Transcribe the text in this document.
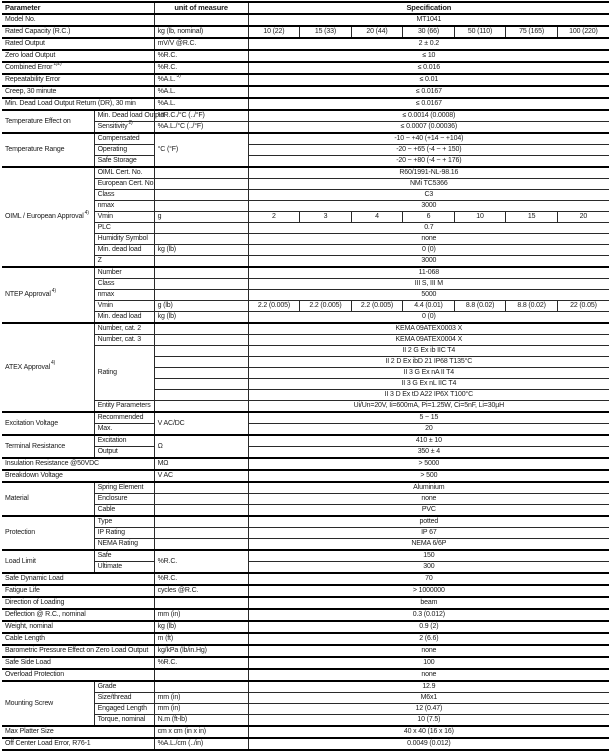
Parameter		unit of measure	Specification						
Model No.			MT1041						
Rated Capacity (R.C.)		kg (lb, nominal)	10 (22)	15 (33)	20 (44)	30 (66)	50 (110)	75 (165)	100 (220)
Rated Output		mV/V @R.C.	2 ± 0.2						
Zero load Output		%R.C.	≤ 10						
Combined Error$^{1)2)}$		%R.C.	≤ 0.016						
Repeatability Error		%A.L.$^{3)}$	≤ 0.01						
Creep, 30 minute		%A.L.	≤ 0.0167						
Min. Dead Load Output Return (DR), 30 min		%A.L.	≤ 0.0167						
Temperature Effect on	Min. Dead load Output	%R.C./°C (../°F)	≤ 0.0014 (0.0008)						
	Sensitivity$^{2)}$	%A.L./°C (../°F)	≤ 0.0007 (0.00036)						
Temperature Range	Compensated	°C (°F)	-10 ~ +40 (+14 ~ +104)						
	Operating		-20 ~ +65 (-4 ~ + 150)						
	Safe Storage		-20 ~ +80 (-4 ~ + 176)						
OIML / European Approval$^{4)}$	OIML Cert. No.		R60/1991-NL-98.16						
	European Cert. No.		NMi TC5366						
	Class		C3						
	nmax		3000						
	Vmin	g	2	3	4	6	10	15	20
	PLC		0.7						
	Humidity Symbol		none						
	Min. dead load	kg (lb)	0 (0)						
	Z		3000						
NTEP Approval$^{4)}$	Number		11-068						
	Class		III S, III M						
	nmax		5000						
	Vmin	g (lb)	2.2 (0.005)	2.2 (0.005)	2.2 (0.005)	4.4 (0.01)	8.8 (0.02)	8.8 (0.02)	22 (0.05)
	Min. dead load	kg (lb)	0 (0)						
ATEX Approval$^{4)}$	Number, cat. 2		KEMA 09ATEX0003 X						
	Number, cat. 3		KEMA 09ATEX0004 X						
	Rating		II 2 G Ex ib IIC T4						
			II 2 D Ex ibD 21 IP68 T135°C						
			II 3 G Ex nA II T4						
			II 3 G Ex nL IIC T4						
			II 3 D Ex tD A22 IP6X T100°C						
	Entity Parameters		Ui/Un=20V, Ii=600mA, Pi=1.25W, Ci=5nF, Li=30µH						
Excitation Voltage	Recommended	V AC/DC	5 ~ 15						
	Max.		20						
Terminal Resistance	Excitation	Ω	410 ± 10						
	Output		350 ± 4						
Insulation Resistance @50VDC		MΩ	> 5000						
Breakdown Voltage		V AC	> 500						
Material	Spring Element		Aluminium						
	Enclosure		none						
	Cable		PVC						
Protection	Type		potted						
	IP Rating		IP 67						
	NEMA Rating		NEMA 6/6P						
Load Limit	Safe	%R.C.	150						
	Ultimate		300						
Safe Dynamic Load		%R.C.	70						
Fatigue Life		cycles @R.C.	> 1000000						
Direction of Loading			beam						
Deflection @ R.C., nominal		mm (in)	0.3 (0.012)						
Weight, nominal		kg (lb)	0.9 (2)						
Cable Length		m (ft)	2 (6.6)						
Barometric Pressure Effect on Zero Load Output		kg/kPa (lb/in.Hg)	none						
Safe Side Load		%R.C.	100						
Overload Protection			none						
Mounting Screw	Grade		12.9						
	Size/thread	mm (in)	M6x1						
	Engaged Length	mm (in)	12 (0.47)						
	Torque, nominal	N.m (ft-lb)	10 (7.5)						
Max Platter Size		cm x cm (in x in)	40 x 40 (16 x 16)						
Off Center Load Error, R76-1		%A.L./cm (../in)	0.0049 (0.012)						
